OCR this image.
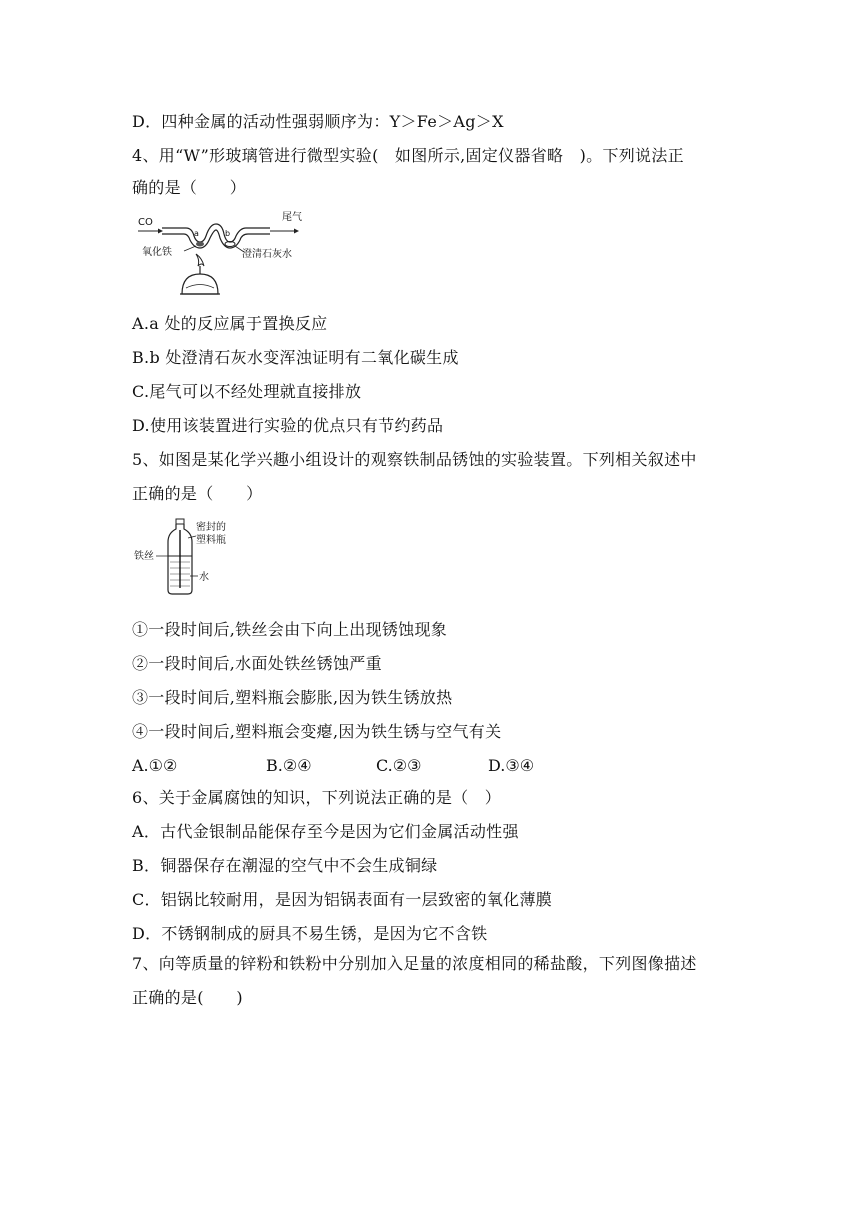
D．四种金属的活动性强弱顺序为：Y＞Fe＞Ag＞X
4、用“W”形玻璃管进行微型实验(　如图所示,固定仪器省略　)。下列说法正
确的是（　　）
CO
a	b
尾气
氧化铁	澄清石灰水
A.a 处的反应属于置换反应
B.b 处澄清石灰水变浑浊证明有二氧化碳生成
C.尾气可以不经处理就直接排放
D.使用该装置进行实验的优点只有节约药品
5、如图是某化学兴趣小组设计的观察铁制品锈蚀的实验装置。下列相关叙述中
正确的是（　　）
密封的
塑料瓶
铁丝
水
①一段时间后,铁丝会由下向上出现锈蚀现象
②一段时间后,水面处铁丝锈蚀严重
③一段时间后,塑料瓶会膨胀,因为铁生锈放热
④一段时间后,塑料瓶会变瘪,因为铁生锈与空气有关
A.①②	B.②④	C.②③	D.③④
6、关于金属腐蚀的知识，下列说法正确的是（　）
A．古代金银制品能保存至今是因为它们金属活动性强
B．铜器保存在潮湿的空气中不会生成铜绿
C．铝锅比较耐用，是因为铝锅表面有一层致密的氧化薄膜
D．不锈钢制成的厨具不易生锈，是因为它不含铁
7、向等质量的锌粉和铁粉中分别加入足量的浓度相同的稀盐酸，下列图像描述
正确的是(　　)
